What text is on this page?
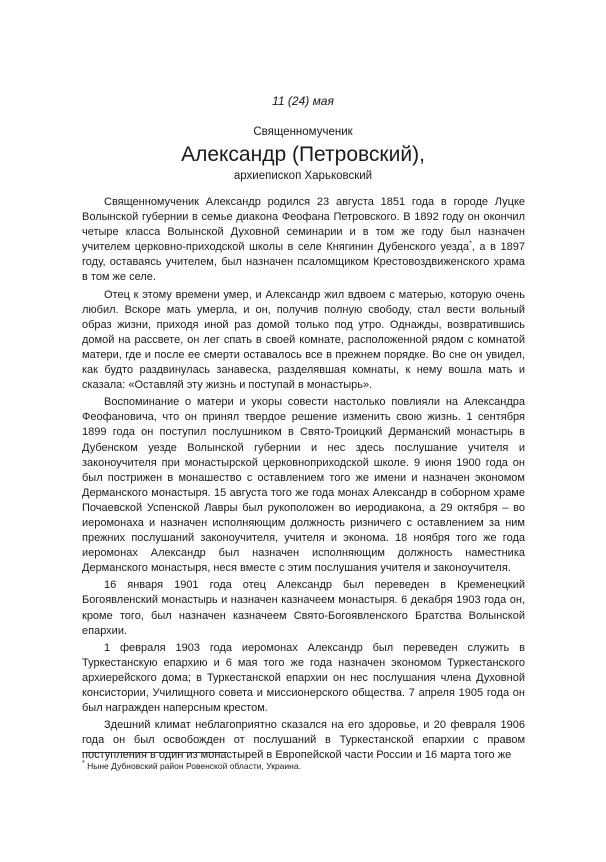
11 (24) мая
Священномученик
Александр (Петровский),
архиепископ Харьковский

Священномученик Александр родился 23 августа 1851 года в городе Луцке Волынской губернии в семье диакона Феофана Петровского. В 1892 году он окончил четыре класса Волынской Духовной семинарии и в том же году был назначен учителем церковно-приходской школы в селе Княгинин Дубенского уезда*, а в 1897 году, оставаясь учителем, был назначен псаломщиком Крестовоздвиженского храма в том же селе.

Отец к этому времени умер, и Александр жил вдвоем с матерью, которую очень любил. Вскоре мать умерла, и он, получив полную свободу, стал вести вольный образ жизни, приходя иной раз домой только под утро. Однажды, возвратившись домой на рассвете, он лег спать в своей комнате, расположенной рядом с комнатой матери, где и после ее смерти оставалось все в прежнем порядке. Во сне он увидел, как будто раздвинулась занавеска, разделявшая комнаты, к нему вошла мать и сказала: «Оставляй эту жизнь и поступай в монастырь».

Воспоминание о матери и укоры совести настолько повлияли на Александра Феофановича, что он принял твердое решение изменить свою жизнь. 1 сентября 1899 года он поступил послушником в Свято-Троицкий Дерманский монастырь в Дубенском уезде Волынской губернии и нес здесь послушание учителя и законоучителя при монастырской церковноприходской школе. 9 июня 1900 года он был пострижен в монашество с оставлением того же имени и назначен экономом Дерманского монастыря. 15 августа того же года монах Александр в соборном храме Почаевской Успенской Лавры был рукоположен во иеродиакона, а 29 октября – во иеромонаха и назначен исполняющим должность ризничего с оставлением за ним прежних послушаний законоучителя, учителя и эконома. 18 ноября того же года иеромонах Александр был назначен исполняющим должность наместника Дерманского монастыря, неся вместе с этим послушания учителя и законоучителя.

16 января 1901 года отец Александр был переведен в Кременецкий Богоявленский монастырь и назначен казначеем монастыря. 6 декабря 1903 года он, кроме того, был назначен казначеем Свято-Богоявленского Братства Волынской епархии.

1 февраля 1903 года иеромонах Александр был переведен служить в Туркестанскую епархию и 6 мая того же года назначен экономом Туркестанского архиерейского дома; в Туркестанской епархии он нес послушания члена Духовной консистории, Училищного совета и миссионерского общества. 7 апреля 1905 года он был награжден наперсным крестом.

Здешний климат неблагоприятно сказался на его здоровье, и 20 февраля 1906 года он был освобожден от послушаний в Туркестанской епархии с правом поступления в один из монастырей в Европейской части России и 16 марта того же

* Ныне Дубновский район Ровенской области, Украина.
